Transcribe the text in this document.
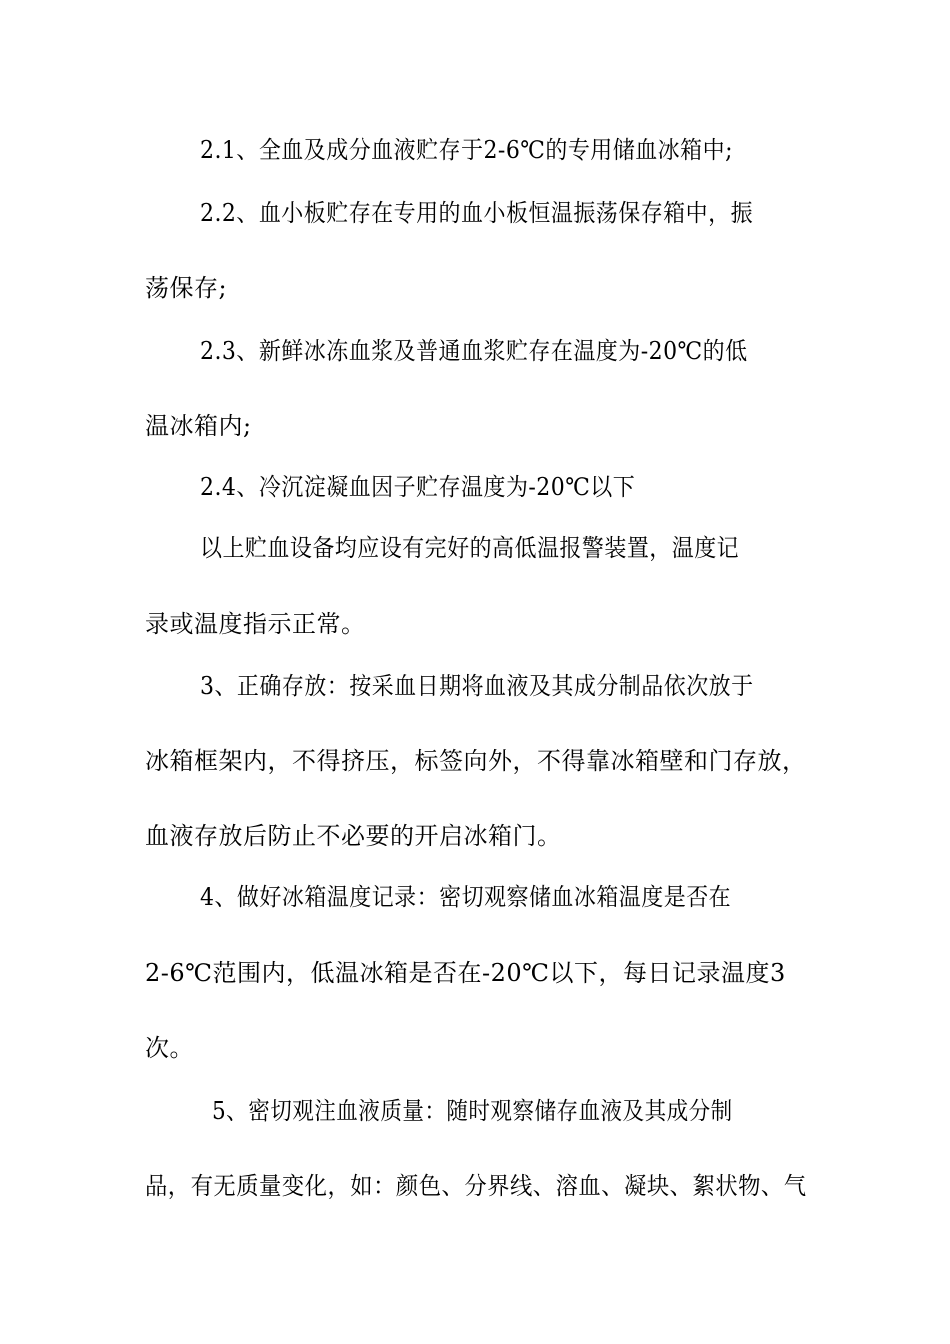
2.1、全血及成分血液贮存于2-6℃的专用储血冰箱中;
2.2、血小板贮存在专用的血小板恒温振荡保存箱中，振
荡保存;
2.3、新鲜冰冻血浆及普通血浆贮存在温度为-20℃的低
温冰箱内;
2.4、冷沉淀凝血因子贮存温度为-20℃以下
以上贮血设备均应设有完好的高低温报警装置，温度记
录或温度指示正常。
3、正确存放：按采血日期将血液及其成分制品依次放于
冰箱框架内，不得挤压，标签向外，不得靠冰箱壁和门存放，
血液存放后防止不必要的开启冰箱门。
4、做好冰箱温度记录：密切观察储血冰箱温度是否在
2-6℃范围内，低温冰箱是否在-20℃以下，每日记录温度3
次。
5、密切观注血液质量：随时观察储存血液及其成分制
品，有无质量变化，如：颜色、分界线、溶血、凝块、絮状物、气
